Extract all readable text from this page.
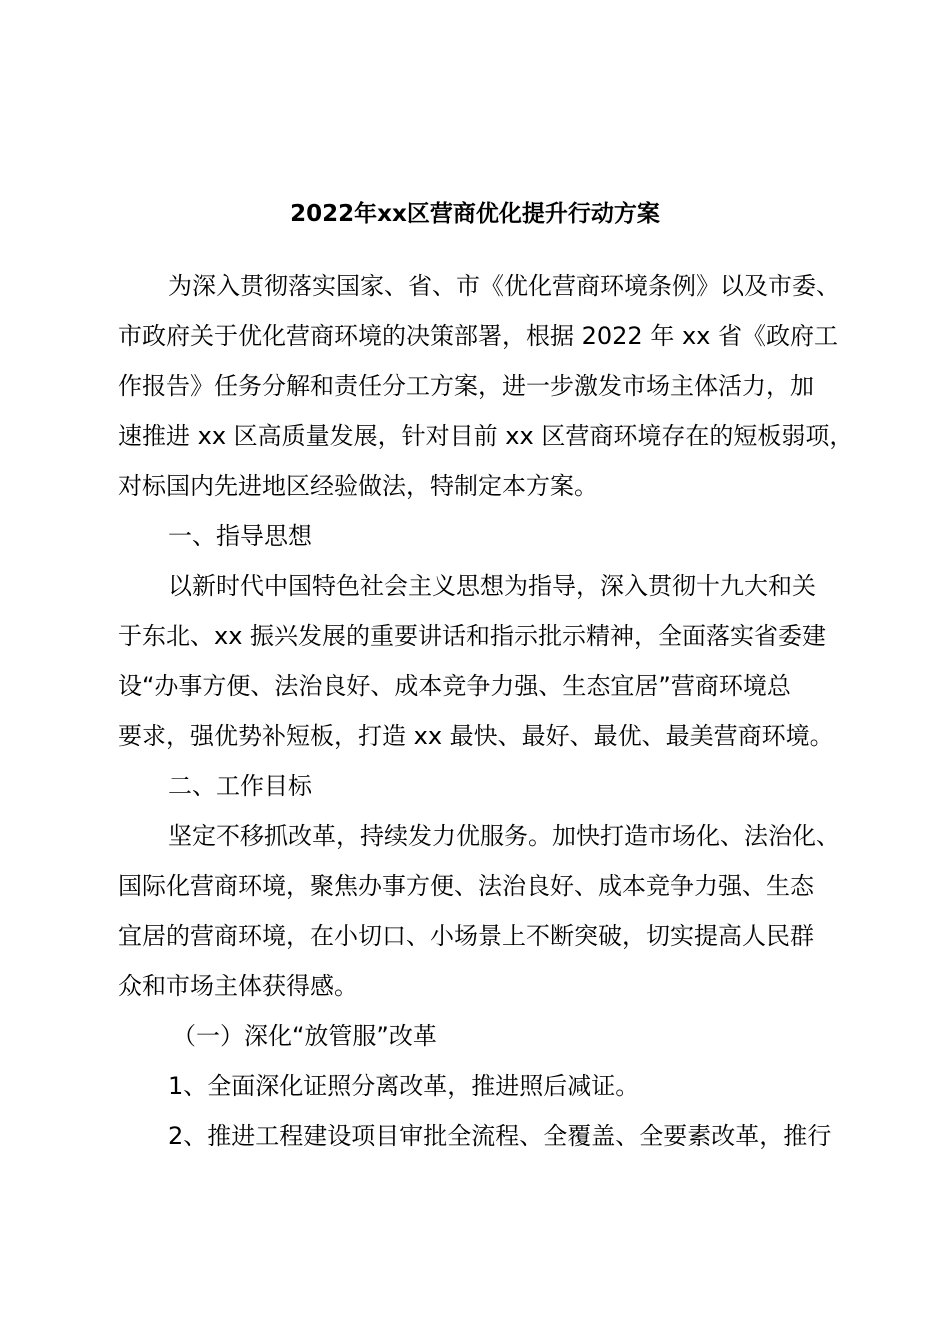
2022年xx区营商优化提升行动方案
为深入贯彻落实国家、省、市《优化营商环境条例》以及市委、
市政府关于优化营商环境的决策部署，根据 2022 年 xx 省《政府工
作报告》任务分解和责任分工方案，进一步激发市场主体活力，加
速推进 xx 区高质量发展，针对目前 xx 区营商环境存在的短板弱项，
对标国内先进地区经验做法，特制定本方案。
一、指导思想
以新时代中国特色社会主义思想为指导，深入贯彻十九大和关
于东北、xx 振兴发展的重要讲话和指示批示精神，全面落实省委建
设“办事方便、法治良好、成本竞争力强、生态宜居”营商环境总
要求，强优势补短板，打造 xx 最快、最好、最优、最美营商环境。
二、工作目标
坚定不移抓改革，持续发力优服务。加快打造市场化、法治化、
国际化营商环境，聚焦办事方便、法治良好、成本竞争力强、生态
宜居的营商环境，在小切口、小场景上不断突破，切实提高人民群
众和市场主体获得感。
（一）深化“放管服”改革
1、全面深化证照分离改革，推进照后减证。
2、推进工程建设项目审批全流程、全覆盖、全要素改革，推行
